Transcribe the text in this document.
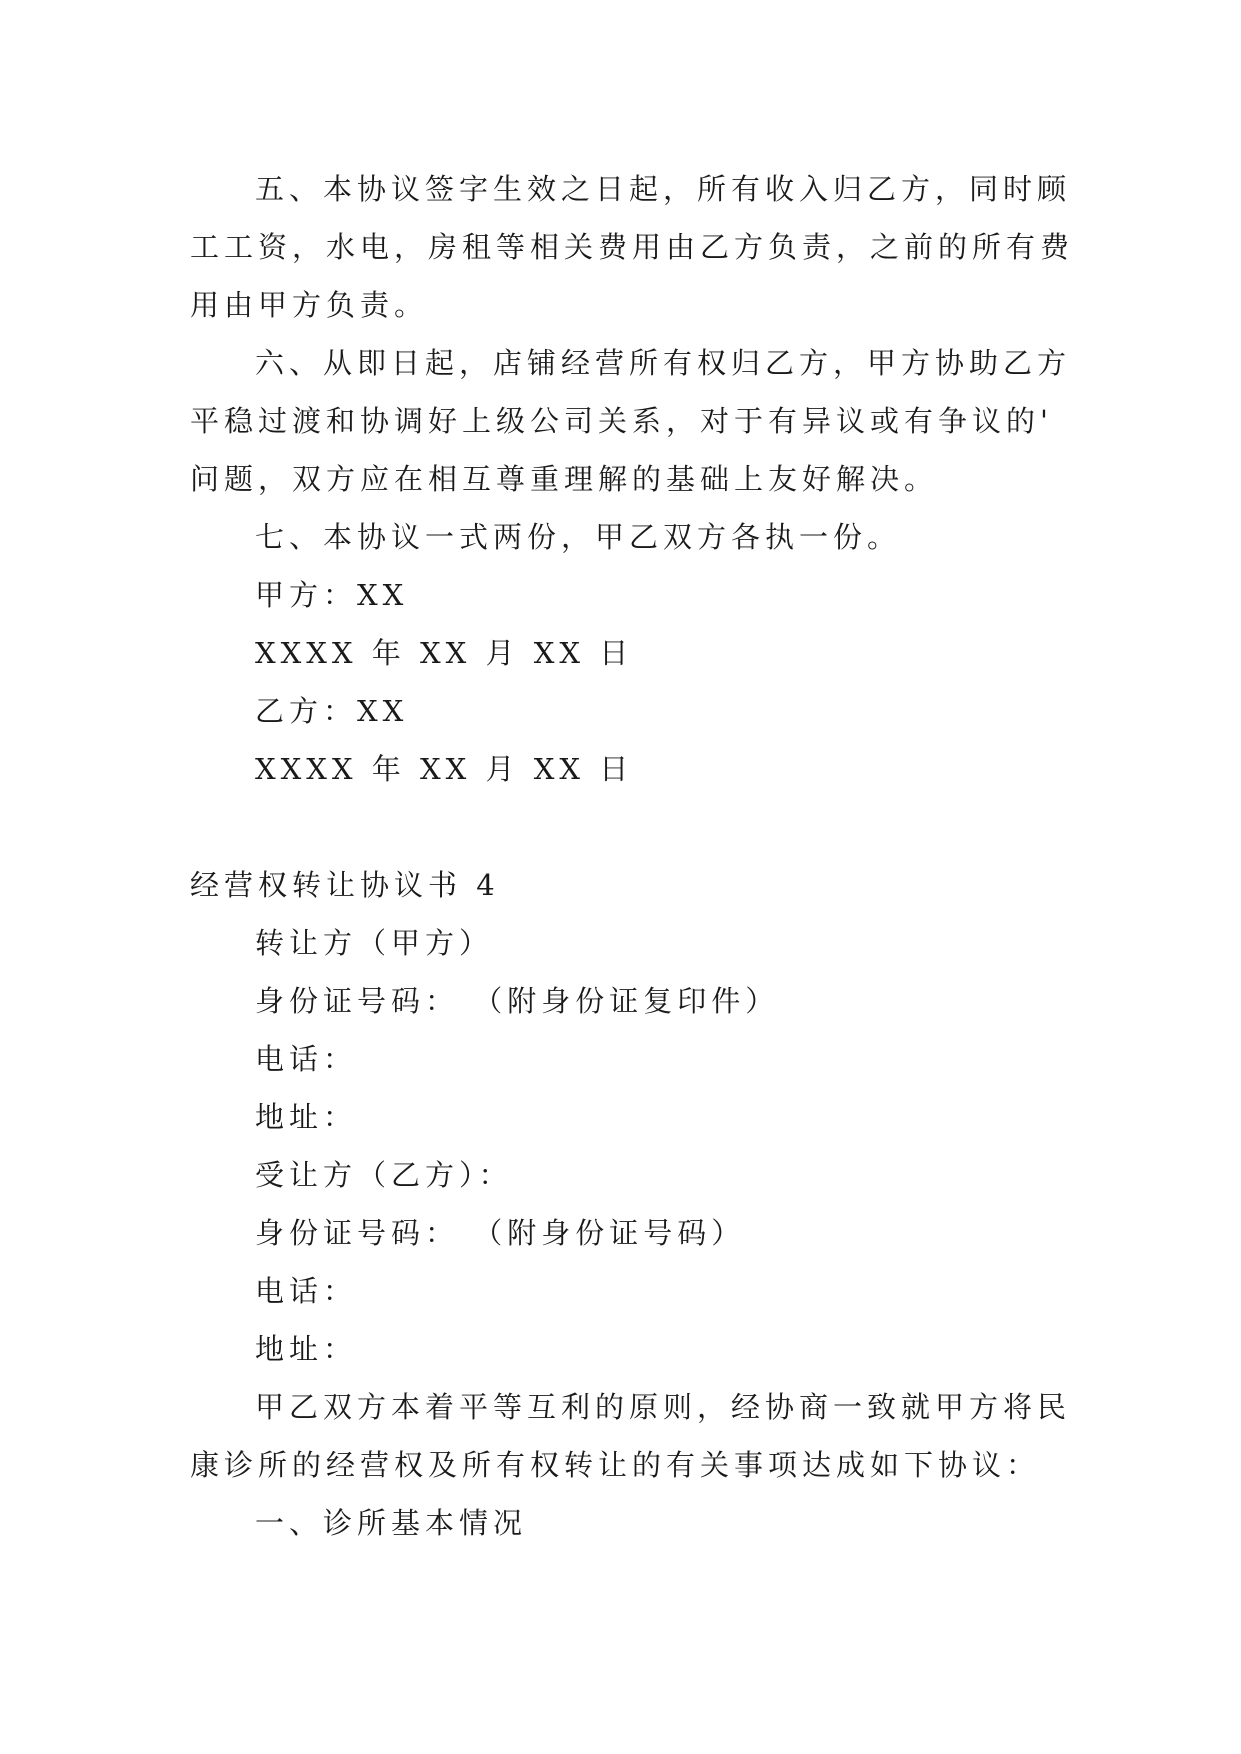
五、本协议签字生效之日起，所有收入归乙方，同时顾

工工资，水电，房租等相关费用由乙方负责，之前的所有费

用由甲方负责。

六、从即日起，店铺经营所有权归乙方，甲方协助乙方

平稳过渡和协调好上级公司关系，对于有异议或有争议的'

问题，双方应在相互尊重理解的基础上友好解决。

七、本协议一式两份，甲乙双方各执一份。

甲方：XX

XXXX 年 XX 月 XX 日

乙方：XX

XXXX 年 XX 月 XX 日

经营权转让协议书 4

转让方（甲方）

身份证号码： （附身份证复印件）

电话：

地址：

受让方（乙方）：

身份证号码： （附身份证号码）

电话：

地址：

甲乙双方本着平等互利的原则，经协商一致就甲方将民

康诊所的经营权及所有权转让的有关事项达成如下协议：

一、诊所基本情况
